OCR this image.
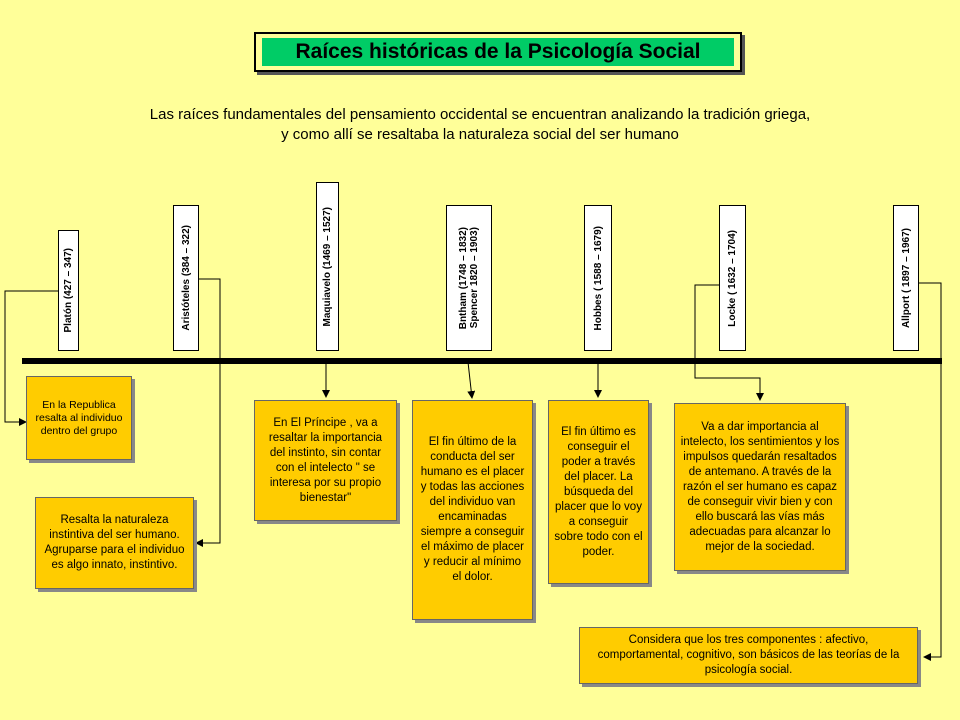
Raíces históricas de la Psicología Social
Las raíces fundamentales del pensamiento occidental se encuentran analizando la tradición griega,
y como allí se resaltaba la naturaleza social del ser humano
Platón (427 – 347)	Aristóteles (384 – 322)	Maquiavelo (1469 – 1527)	Bntham (1748 – 1832)
Spencer 1820 – 1903)	Hobbes ( 1588 – 1679)	Locke ( 1632 – 1704)	Allport ( 1897 – 1967)
En la Republica resalta al individuo dentro del grupo
Resalta la naturaleza instintiva del ser humano. Agruparse para el individuo es algo innato, instintivo.
En El Príncipe , va a resaltar la importancia del instinto, sin contar con el intelecto " se interesa por su propio bienestar"
El fin último de la conducta del ser humano es el placer y todas las acciones del individuo van encaminadas siempre a conseguir el máximo de placer y reducir al mínimo el dolor.
El fin último es conseguir el poder a través del placer. La búsqueda del placer que lo voy a conseguir sobre todo con el poder.
Va a dar importancia al intelecto, los sentimientos y los impulsos quedarán resaltados de antemano. A través de la razón el ser humano es capaz de conseguir vivir bien y con ello buscará las vías más adecuadas para alcanzar lo mejor de la sociedad.
Considera que los tres componentes : afectivo, comportamental, cognitivo, son básicos de las teorías de la psicología social.
